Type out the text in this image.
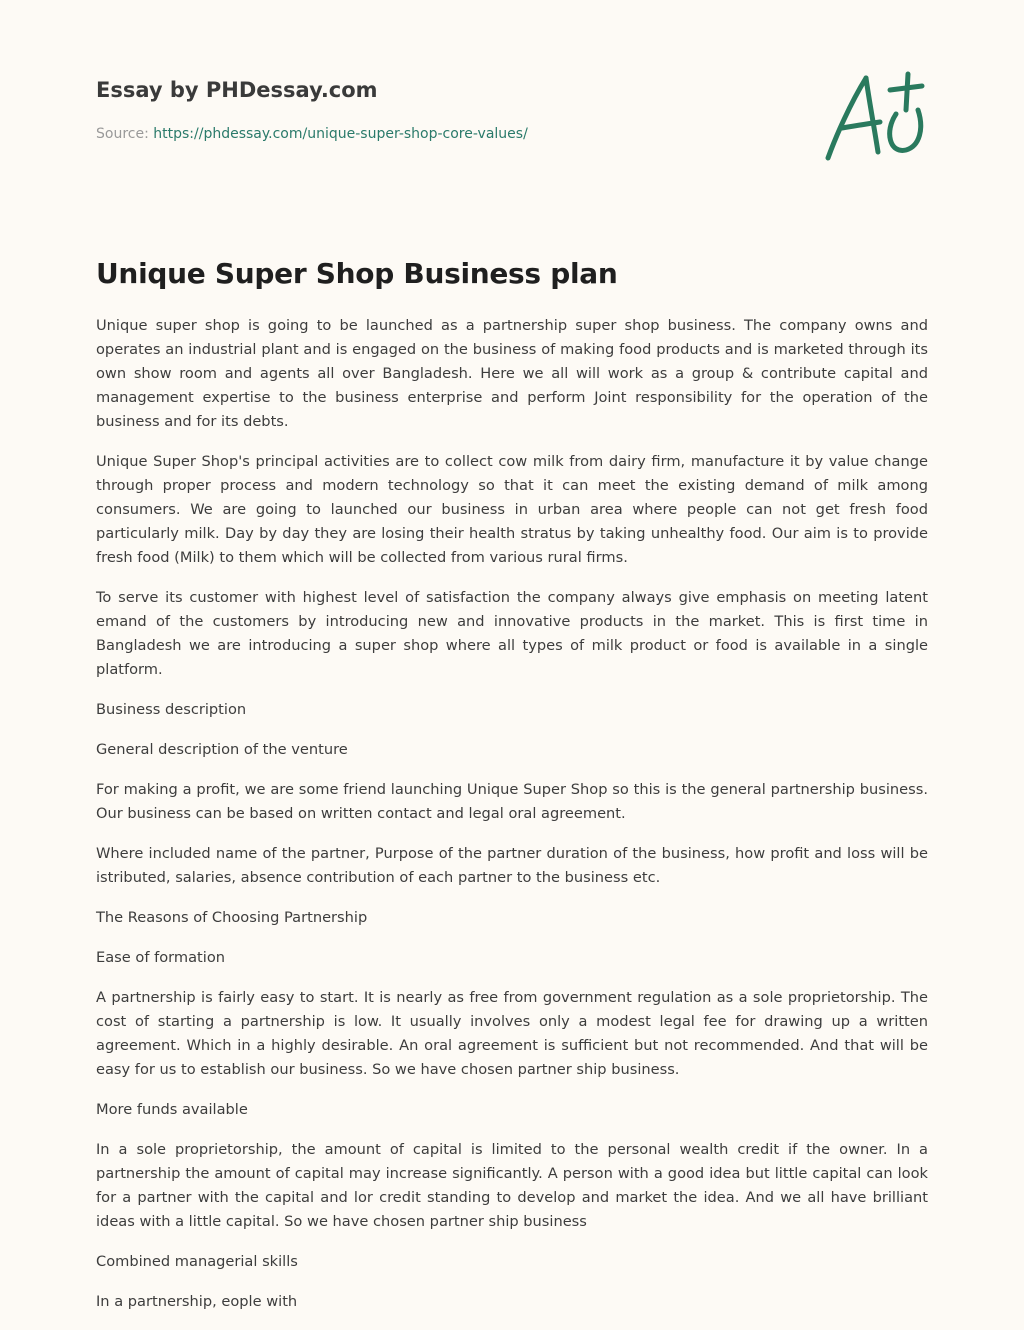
Essay by PHDessay.com
Source: https://phdessay.com/unique-super-shop-core-values/
Unique Super Shop Business plan

Unique super shop is going to be launched as a partnership super shop business. The company owns and operates an industrial plant and is engaged on the business of making food products and is marketed through its own show room and agents all over Bangladesh. Here we all will work as a group & contribute capital and management expertise to the business enterprise and perform Joint responsibility for the operation of the business and for its debts.

Unique Super Shop's principal activities are to collect cow milk from dairy firm, manufacture it by value change through proper process and modern technology so that it can meet the existing demand of milk among consumers. We are going to launched our business in urban area where people can not get fresh food particularly milk. Day by day they are losing their health stratus by taking unhealthy food. Our aim is to provide fresh food (Milk) to them which will be collected from various rural firms.

To serve its customer with highest level of satisfaction the company always give emphasis on meeting latent emand of the customers by introducing new and innovative products in the market. This is first time in Bangladesh we are introducing a super shop where all types of milk product or food is available in a single platform.

Business description

General description of the venture

For making a profit, we are some friend launching Unique Super Shop so this is the general partnership business. Our business can be based on written contact and legal oral agreement.

Where included name of the partner, Purpose of the partner duration of the business, how profit and loss will be istributed, salaries, absence contribution of each partner to the business etc.

The Reasons of Choosing Partnership

Ease of formation

A partnership is fairly easy to start. It is nearly as free from government regulation as a sole proprietorship. The cost of starting a partnership is low. It usually involves only a modest legal fee for drawing up a written agreement. Which in a highly desirable. An oral agreement is sufficient but not recommended. And that will be easy for us to establish our business. So we have chosen partner ship business.

More funds available

In a sole proprietorship, the amount of capital is limited to the personal wealth credit if the owner. In a partnership the amount of capital may increase significantly. A person with a good idea but little capital can look for a partner with the capital and lor credit standing to develop and market the idea. And we all have brilliant ideas with a little capital. So we have chosen partner ship business

Combined managerial skills

In a partnership, eople with
